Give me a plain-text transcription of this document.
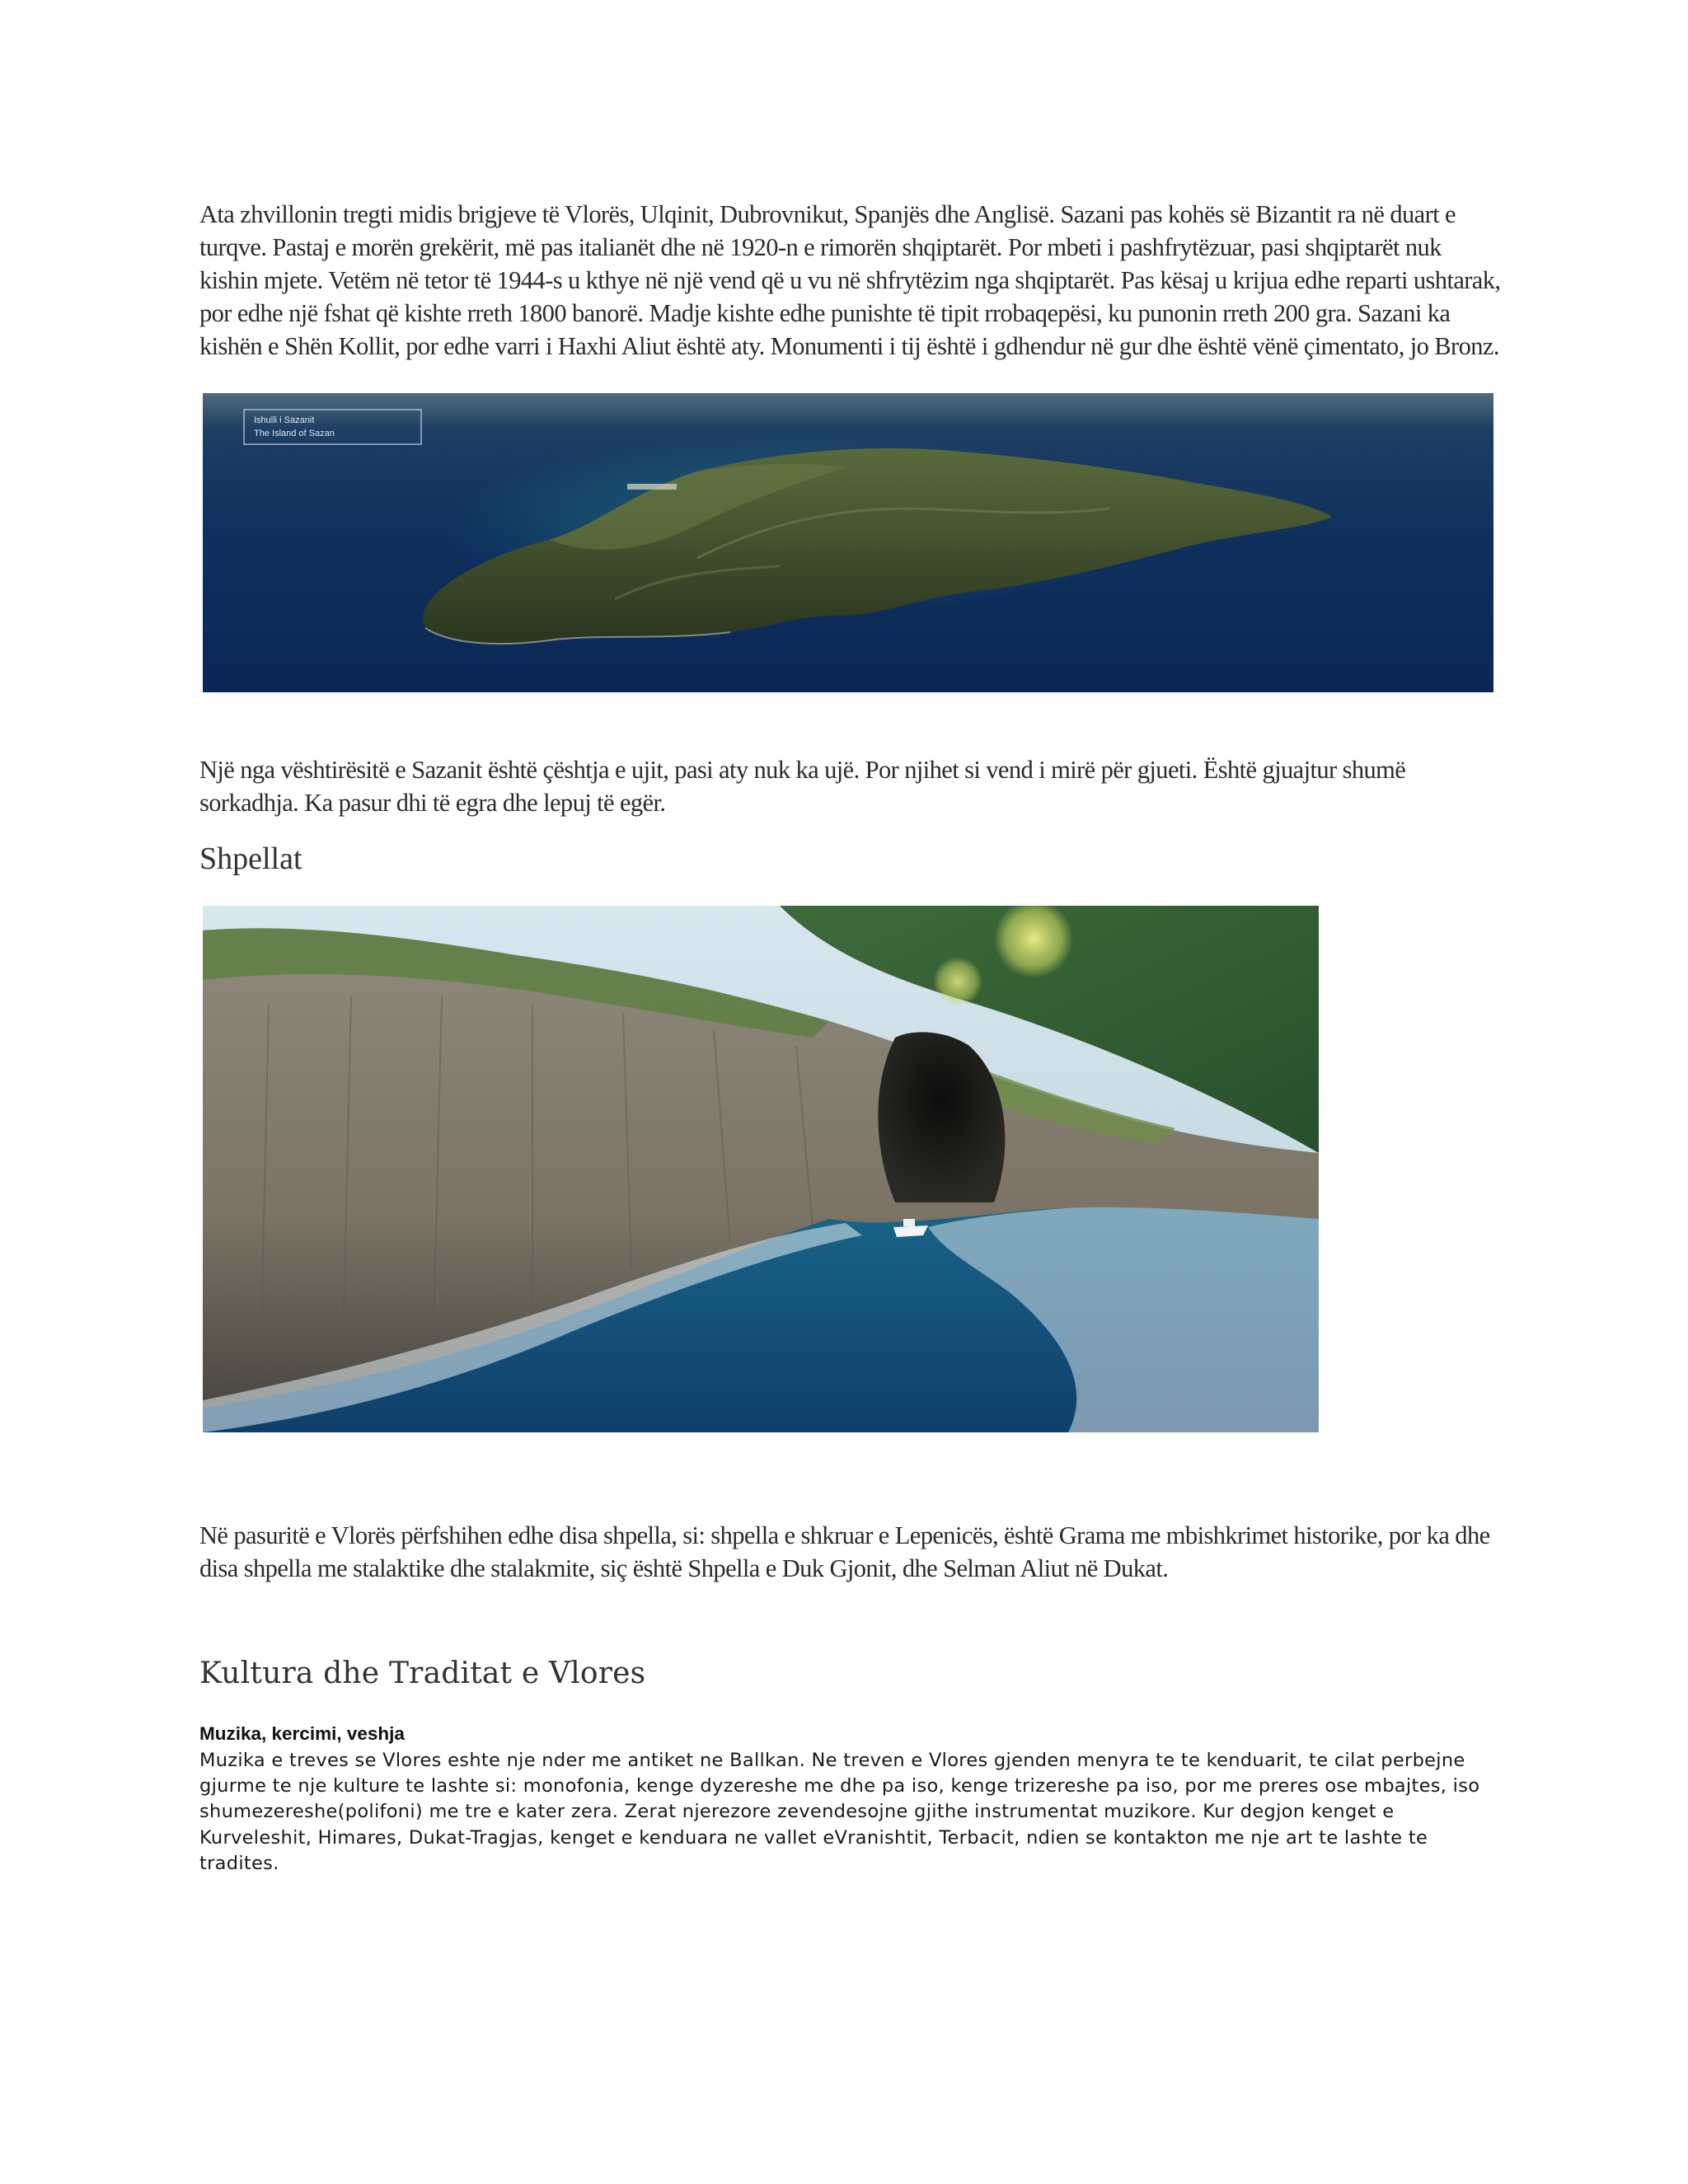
Ata zhvillonin tregti midis brigjeve të Vlorës, Ulqinit, Dubrovnikut, Spanjës dhe Anglisë. Sazani pas kohës së Bizantit ra në duart e turqve. Pastaj e morën grekërit, më pas italianët dhe në 1920-n e rimorën shqiptarët. Por mbeti i pashfrytëzuar, pasi shqiptarët nuk kishin mjete. Vetëm në tetor të 1944-s u kthye në një vend që u vu në shfrytëzim nga shqiptarët. Pas kësaj u krijua edhe reparti ushtarak, por edhe një fshat që kishte rreth 1800 banorë. Madje kishte edhe punishte të tipit rrobaqepësi, ku punonin rreth 200 gra. Sazani ka kishën e Shën Kollit, por edhe varri i Haxhi Aliut është aty. Monumenti i tij është i gdhendur në gur dhe është vënë çimentato, jo Bronz.

Ishulli i Sazanit
The Island of Sazan

Një nga vështirësitë e Sazanit është çështja e ujit, pasi aty nuk ka ujë. Por njihet si vend i mirë për gjueti. Është gjuajtur shumë sorkadhja. Ka pasur dhi të egra dhe lepuj të egër.

Shpellat

Në pasuritë e Vlorës përfshihen edhe disa shpella, si: shpella e shkruar e Lepenicës, është Grama me mbishkrimet historike, por ka dhe disa shpella me stalaktike dhe stalakmite, siç është Shpella e Duk Gjonit, dhe Selman Aliut në Dukat.

Kultura dhe Traditat e Vlores

Muzika, kercimi, veshja

Muzika e treves se Vlores eshte nje nder me antiket ne Ballkan. Ne treven e Vlores gjenden menyra te te kenduarit, te cilat perbejne gjurme te nje kulture te lashte si: monofonia, kenge dyzereshe me dhe pa iso, kenge trizereshe pa iso, por me preres ose mbajtes, iso shumezereshe(polifoni) me tre e kater zera. Zerat njerezore zevendesojne gjithe instrumentat muzikore. Kur degjon kenget e Kurveleshit, Himares, Dukat-Tragjas, kenget e kenduara ne vallet eVranishtit, Terbacit, ndien se kontakton me nje art te lashte te tradites.
